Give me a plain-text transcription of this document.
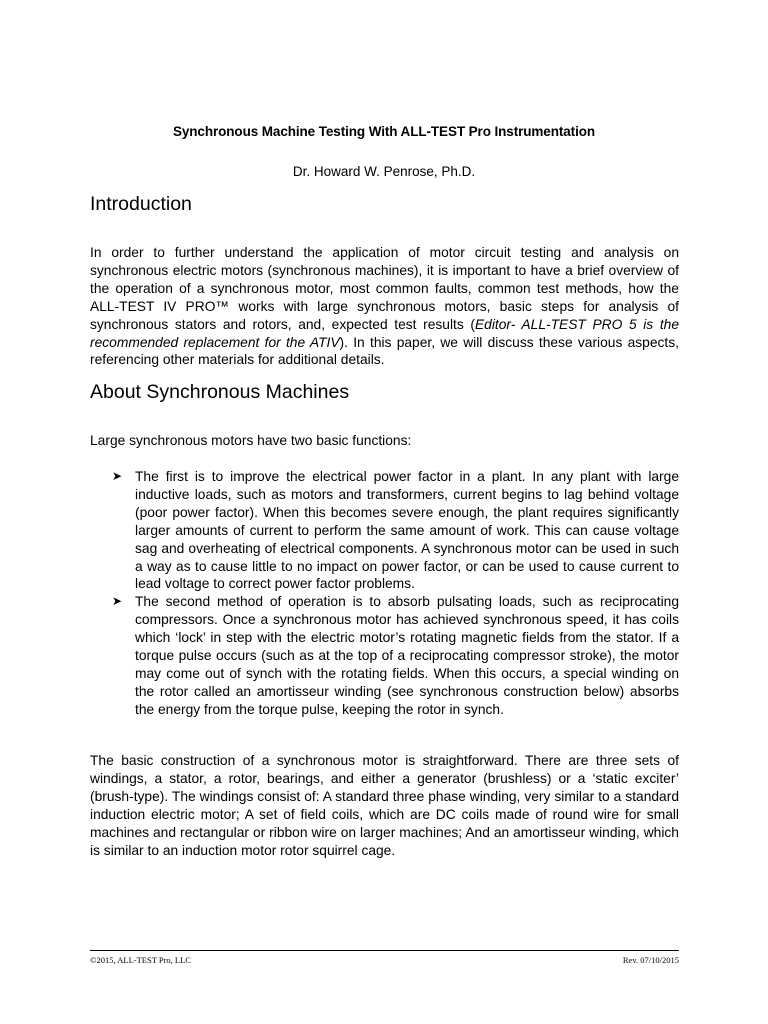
Synchronous Machine Testing With ALL-TEST Pro Instrumentation
Dr. Howard W. Penrose, Ph.D.
Introduction
In order to further understand the application of motor circuit testing and analysis on synchronous electric motors (synchronous machines), it is important to have a brief overview of the operation of a synchronous motor, most common faults, common test methods, how the ALL-TEST IV PRO™ works with large synchronous motors, basic steps for analysis of synchronous stators and rotors, and, expected test results (Editor- ALL-TEST PRO 5 is the recommended replacement for the ATIV). In this paper, we will discuss these various aspects, referencing other materials for additional details.
About Synchronous Machines
Large synchronous motors have two basic functions:
➤ The first is to improve the electrical power factor in a plant. In any plant with large inductive loads, such as motors and transformers, current begins to lag behind voltage (poor power factor). When this becomes severe enough, the plant requires significantly larger amounts of current to perform the same amount of work. This can cause voltage sag and overheating of electrical components. A synchronous motor can be used in such a way as to cause little to no impact on power factor, or can be used to cause current to lead voltage to correct power factor problems.
➤ The second method of operation is to absorb pulsating loads, such as reciprocating compressors. Once a synchronous motor has achieved synchronous speed, it has coils which ‘lock’ in step with the electric motor’s rotating magnetic fields from the stator. If a torque pulse occurs (such as at the top of a reciprocating compressor stroke), the motor may come out of synch with the rotating fields. When this occurs, a special winding on the rotor called an amortisseur winding (see synchronous construction below) absorbs the energy from the torque pulse, keeping the rotor in synch.
The basic construction of a synchronous motor is straightforward. There are three sets of windings, a stator, a rotor, bearings, and either a generator (brushless) or a ‘static exciter’ (brush-type). The windings consist of: A standard three phase winding, very similar to a standard induction electric motor; A set of field coils, which are DC coils made of round wire for small machines and rectangular or ribbon wire on larger machines; And an amortisseur winding, which is similar to an induction motor rotor squirrel cage.
©2015, ALL-TEST Pro, LLC	Rev. 07/10/2015
